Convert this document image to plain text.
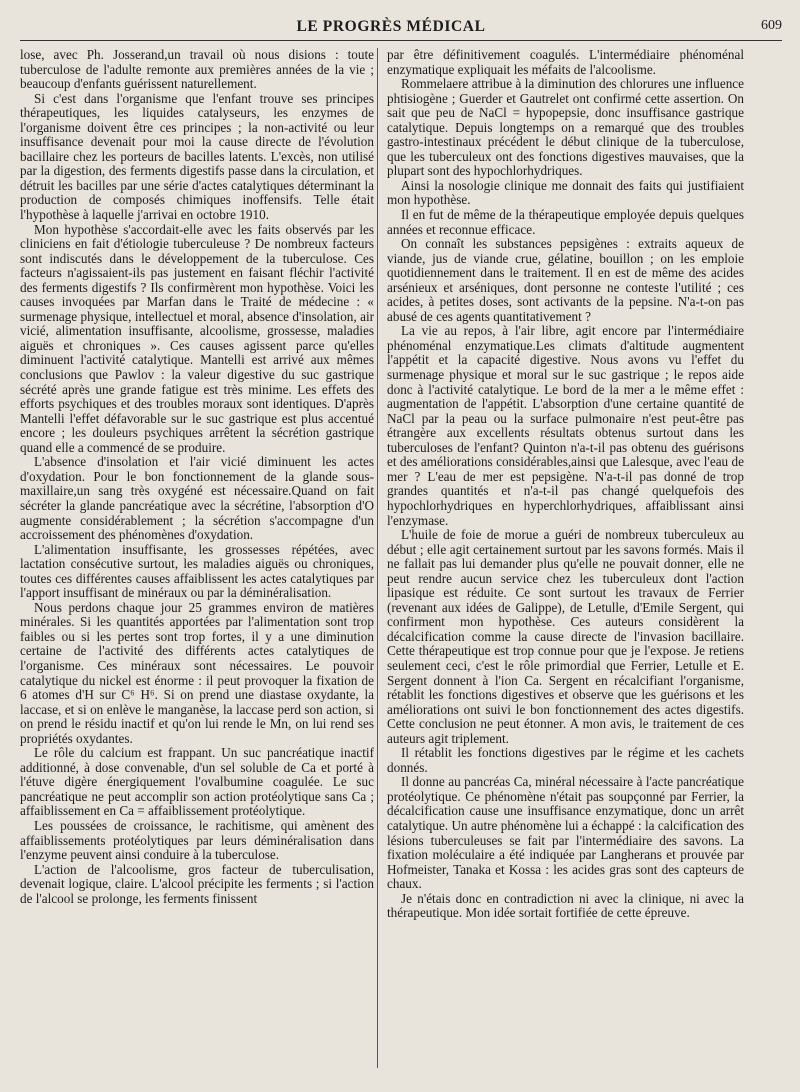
LE PROGRÈS MÉDICAL	609

lose, avec Ph. Josserand,un travail où nous disions : toute tuberculose de l'adulte remonte aux premières années de la vie ; beaucoup d'enfants guérissent naturellement.

Si c'est dans l'organisme que l'enfant trouve ses principes thérapeutiques, les liquides catalyseurs, les enzymes de l'organisme doivent être ces principes ; la non-activité ou leur insuffisance devenait pour moi la cause directe de l'évolution bacillaire chez les porteurs de bacilles latents. L'excès, non utilisé par la digestion, des ferments digestifs passe dans la circulation, et détruit les bacilles par une série d'actes catalytiques déterminant la production de composés chimiques inoffensifs. Telle était l'hypothèse à laquelle j'arrivai en octobre 1910.

Mon hypothèse s'accordait-elle avec les faits observés par les cliniciens en fait d'étiologie tuberculeuse ? De nombreux facteurs sont indiscutés dans le développement de la tuberculose. Ces facteurs n'agissaient-ils pas justement en faisant fléchir l'activité des ferments digestifs ? Ils confirmèrent mon hypothèse. Voici les causes invoquées par Marfan dans le Traité de médecine : « surmenage physique, intellectuel et moral, absence d'insolation, air vicié, alimentation insuffisante, alcoolisme, grossesse, maladies aiguës et chroniques ». Ces causes agissent parce qu'elles diminuent l'activité catalytique. Mantelli est arrivé aux mêmes conclusions que Pawlov : la valeur digestive du suc gastrique sécrété après une grande fatigue est très minime. Les effets des efforts psychiques et des troubles moraux sont identiques. D'après Mantelli l'effet défavorable sur le suc gastrique est plus accentué encore ; les douleurs psychiques arrêtent la sécrétion gastrique quand elle a commencé de se produire.

L'absence d'insolation et l'air vicié diminuent les actes d'oxydation. Pour le bon fonctionnement de la glande sous-maxillaire,un sang très oxygéné est nécessaire.Quand on fait sécréter la glande pancréatique avec la sécrétine, l'absorption d'O augmente considérablement ; la sécrétion s'accompagne d'un accroissement des phénomènes d'oxydation.

L'alimentation insuffisante, les grossesses répétées, avec lactation consécutive surtout, les maladies aiguës ou chroniques, toutes ces différentes causes affaiblissent les actes catalytiques par l'apport insuffisant de minéraux ou par la déminéralisation.

Nous perdons chaque jour 25 grammes environ de matières minérales. Si les quantités apportées par l'alimentation sont trop faibles ou si les pertes sont trop fortes, il y a une diminution certaine de l'activité des différents actes catalytiques de l'organisme. Ces minéraux sont nécessaires. Le pouvoir catalytique du nickel est énorme : il peut provoquer la fixation de 6 atomes d'H sur C⁶ H⁶. Si on prend une diastase oxydante, la laccase, et si on enlève le manganèse, la laccase perd son action, si on prend le résidu inactif et qu'on lui rende le Mn, on lui rend ses propriétés oxydantes.

Le rôle du calcium est frappant. Un suc pancréatique inactif additionné, à dose convenable, d'un sel soluble de Ca et porté à l'étuve digère énergiquement l'ovalbumine coagulée. Le suc pancréatique ne peut accomplir son action protéolytique sans Ca ; affaiblissement en Ca = affaiblissement protéolytique.

Les poussées de croissance, le rachitisme, qui amènent des affaiblissements protéolytiques par leurs déminéralisation dans l'enzyme peuvent ainsi conduire à la tuberculose.

L'action de l'alcoolisme, gros facteur de tuberculisation, devenait logique, claire. L'alcool précipite les ferments ; si l'action de l'alcool se prolonge, les ferments finissent

par être définitivement coagulés. L'intermédiaire phénoménal enzymatique expliquait les méfaits de l'alcoolisme.

Rommelaere attribue à la diminution des chlorures une influence phtisiogène ; Guerder et Gautrelet ont confirmé cette assertion. On sait que peu de NaCl = hypopepsie, donc insuffisance gastrique catalytique. Depuis longtemps on a remarqué que des troubles gastro-intestinaux précédent le début clinique de la tuberculose, que les tuberculeux ont des fonctions digestives mauvaises, que la plupart sont des hypochlorhydriques.

Ainsi la nosologie clinique me donnait des faits qui justifiaient mon hypothèse.

Il en fut de même de la thérapeutique employée depuis quelques années et reconnue efficace.

On connaît les substances pepsigènes : extraits aqueux de viande, jus de viande crue, gélatine, bouillon ; on les emploie quotidiennement dans le traitement. Il en est de même des acides arsénieux et arséniques, dont personne ne conteste l'utilité ; ces acides, à petites doses, sont activants de la pepsine. N'a-t-on pas abusé de ces agents quantitativement ?

La vie au repos, à l'air libre, agit encore par l'intermédiaire phénoménal enzymatique.Les climats d'altitude augmentent l'appétit et la capacité digestive. Nous avons vu l'effet du surmenage physique et moral sur le suc gastrique ; le repos aide donc à l'activité catalytique. Le bord de la mer a le même effet : augmentation de l'appétit. L'absorption d'une certaine quantité de NaCl par la peau ou la surface pulmonaire n'est peut-être pas étrangère aux excellents résultats obtenus surtout dans les tuberculoses de l'enfant? Quinton n'a-t-il pas obtenu des guérisons et des améliorations considérables,ainsi que Lalesque, avec l'eau de mer ? L'eau de mer est pepsigène. N'a-t-il pas donné de trop grandes quantités et n'a-t-il pas changé quelquefois des hypochlorhydriques en hyperchlorhydriques, affaiblissant ainsi l'enzymase.

L'huile de foie de morue a guéri de nombreux tuberculeux au début ; elle agit certainement surtout par les savons formés. Mais il ne fallait pas lui demander plus qu'elle ne pouvait donner, elle ne peut rendre aucun service chez les tuberculeux dont l'action lipasique est réduite. Ce sont surtout les travaux de Ferrier (revenant aux idées de Galippe), de Letulle, d'Emile Sergent, qui confirment mon hypothèse. Ces auteurs considèrent la décalcification comme la cause directe de l'invasion bacillaire. Cette thérapeutique est trop connue pour que je l'expose. Je retiens seulement ceci, c'est le rôle primordial que Ferrier, Letulle et E. Sergent donnent à l'ion Ca. Sergent en récalcifiant l'organisme, rétablit les fonctions digestives et observe que les guérisons et les améliorations ont suivi le bon fonctionnement des actes digestifs. Cette conclusion ne peut étonner. A mon avis, le traitement de ces auteurs agit triplement.

Il rétablit les fonctions digestives par le régime et les cachets donnés.

Il donne au pancréas Ca, minéral nécessaire à l'acte pancréatique protéolytique. Ce phénomène n'était pas soupçonné par Ferrier, la décalcification cause une insuffisance enzymatique, donc un arrêt catalytique. Un autre phénomène lui a échappé : la calcification des lésions tuberculeuses se fait par l'intermédiaire des savons. La fixation moléculaire a été indiquée par Langherans et prouvée par Hofmeister, Tanaka et Kossa : les acides gras sont des capteurs de chaux.

Je n'étais donc en contradiction ni avec la clinique, ni avec la thérapeutique. Mon idée sortait fortifiée de cette épreuve.
